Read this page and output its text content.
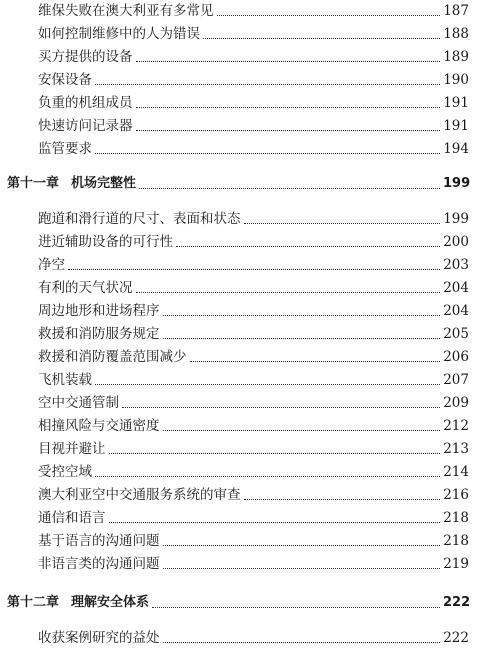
维保失败在澳大利亚有多常见	187
如何控制维修中的人为错误	188
买方提供的设备	189
安保设备	190
负重的机组成员	191
快速访问记录器	191
监管要求	194
第十一章 机场完整性	199
跑道和滑行道的尺寸、表面和状态	199
进近辅助设备的可行性	200
净空	203
有利的天气状况	204
周边地形和进场程序	204
救援和消防服务规定	205
救援和消防覆盖范围减少	206
飞机装载	207
空中交通管制	209
相撞风险与交通密度	212
目视并避让	213
受控空域	214
澳大利亚空中交通服务系统的审查	216
通信和语言	218
基于语言的沟通问题	218
非语言类的沟通问题	219
第十二章 理解安全体系	222
收获案例研究的益处	222
